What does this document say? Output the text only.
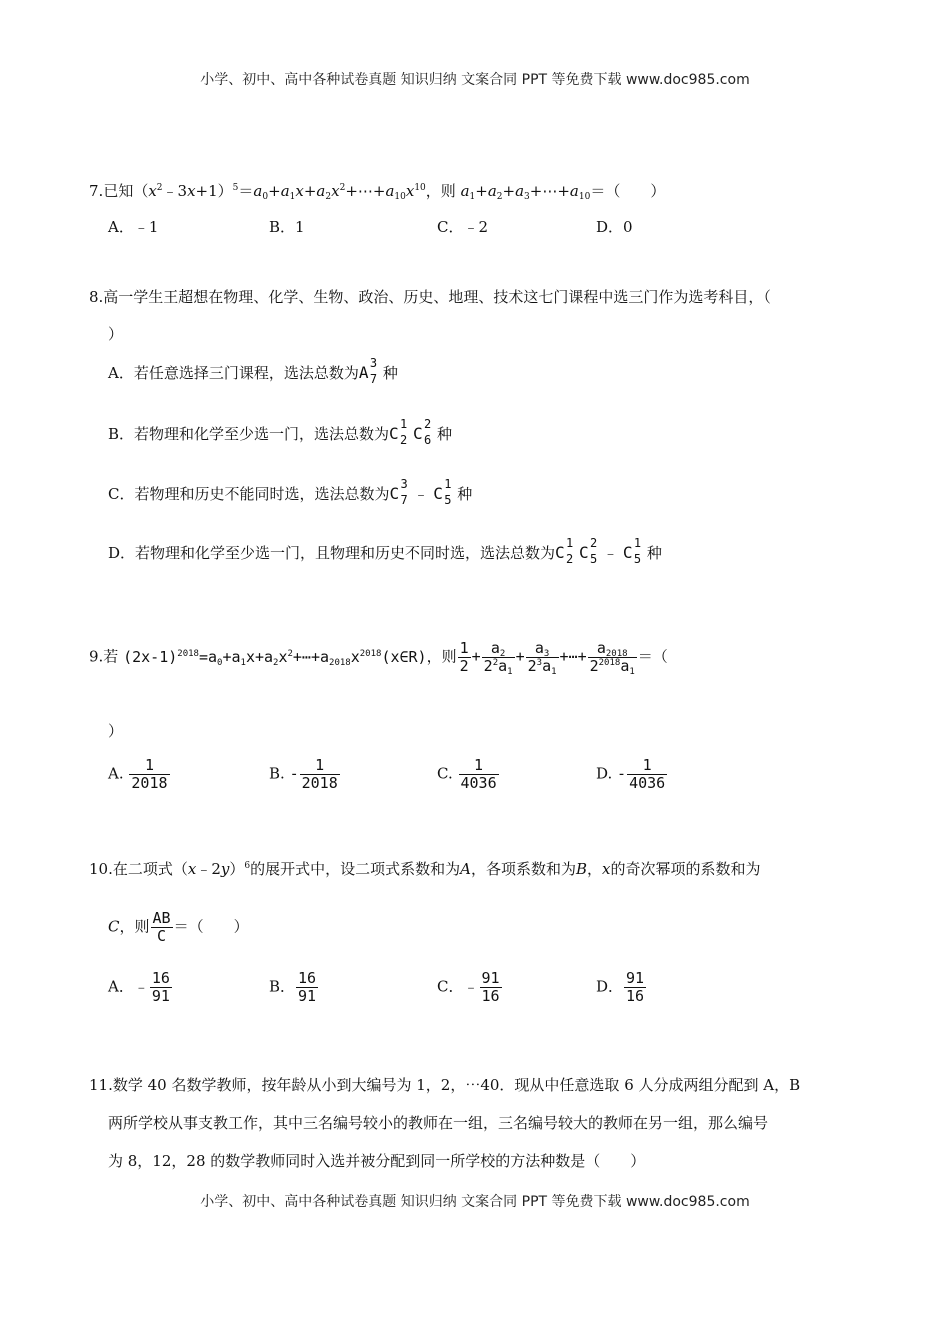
小学、初中、高中各种试卷真题 知识归纳 文案合同 PPT 等免费下载 www.doc985.com
7.已知$(x^2﹣3x+1)^5=a_0+a_1x+a_2x^2+\cdots+a_{10}x^{10}$，则 $a_1+a_2+a_3+\cdots+a_{10}=$（　　）
A．﹣1	B．1	C．﹣2	D．0
8.高一学生王超想在物理、化学、生物、政治、历史、地理、技术这七门课程中选三门作为选考科目，（
）
A．若任意选择三门课程，选法总数为 A 3
7 种
B．若物理和化学至少选一门，选法总数为 C 1
2 C 2
6 种
C．若物理和历史不能同时选，选法总数为 C 3
7 ﹣ C 1
5 种
D．若物理和化学至少选一门，且物理和历史不同时选，选法总数为 C 1
2 C 2
5 ﹣ C 1
5 种
9.若 $(2x-1)^{2018}=a_0+a_1x+a_2x^2+\cdots+a_{2018}x^{2018}(x\in R)$，则 $\frac{1}{2} + \frac{a_2}{2^2a_1} + \frac{a_3}{2^3a_1}$ +⋯+ $\frac{a_{2018}}{2^{2018}a_1}$ ＝（
）
A. $\frac{1}{2018}$	B. - $\frac{1}{2018}$	C. $\frac{1}{4036}$	D. - $\frac{1}{4036}$
10.在二项式（x﹣2y）$^6$的展开式中，设二项式系数和为A，各项系数和为B，x的奇次幂项的系数和为
C，则 $\frac{AB}{C}$ ＝（　　）
A．﹣ $\frac{16}{91}$	B． $\frac{16}{91}$	C．﹣ $\frac{91}{16}$	D． $\frac{91}{16}$
11.数学 40 名数学教师，按年龄从小到大编号为 1，2，⋯40．现从中任意选取 6 人分成两组分配到 A，B
两所学校从事支教工作，其中三名编号较小的教师在一组，三名编号较大的教师在另一组，那么编号
为 8，12，28 的数学教师同时入选并被分配到同一所学校的方法种数是（　　）
小学、初中、高中各种试卷真题 知识归纳 文案合同 PPT 等免费下载 www.doc985.com
